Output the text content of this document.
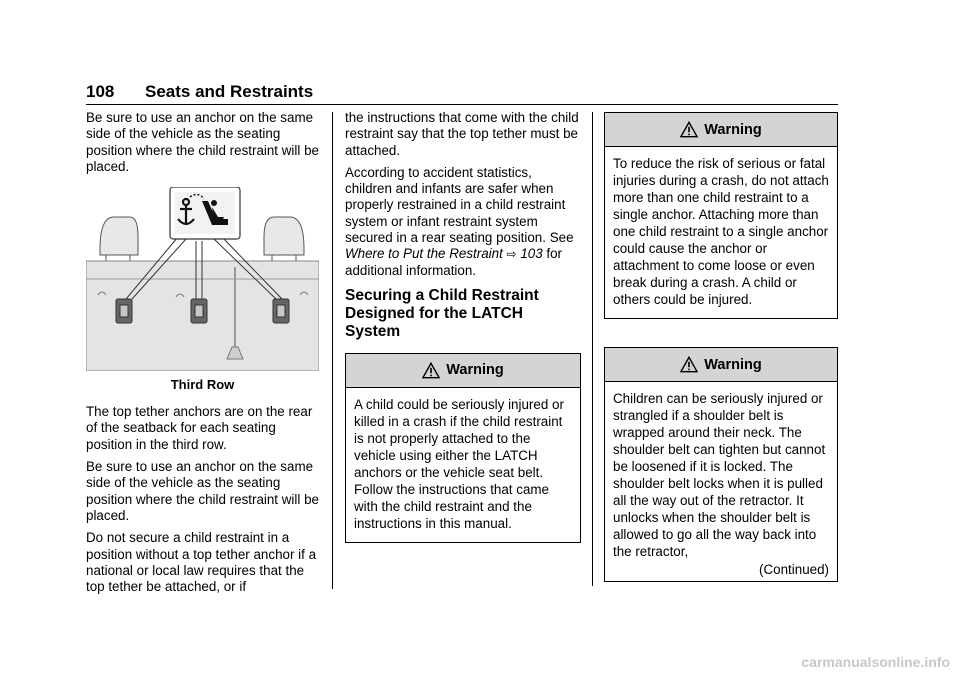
108 Seats and Restraints

Be sure to use an anchor on the same side of the vehicle as the seating position where the child restraint will be placed.

Third Row

The top tether anchors are on the rear of the seatback for each seating position in the third row.

Be sure to use an anchor on the same side of the vehicle as the seating position where the child restraint will be placed.

Do not secure a child restraint in a position without a top tether anchor if a national or local law requires that the top tether be attached, or if

the instructions that come with the child restraint say that the top tether must be attached.

According to accident statistics, children and infants are safer when properly restrained in a child restraint system or infant restraint system secured in a rear seating position. See Where to Put the Restraint ⇨ 103 for additional information.

Securing a Child Restraint Designed for the LATCH System
Warning

A child could be seriously injured or killed in a crash if the child restraint is not properly attached to the vehicle using either the LATCH anchors or the vehicle seat belt. Follow the instructions that came with the child restraint and the instructions in this manual.

Warning

To reduce the risk of serious or fatal injuries during a crash, do not attach more than one child restraint to a single anchor. Attaching more than one child restraint to a single anchor could cause the anchor or attachment to come loose or even break during a crash. A child or others could be injured.

Warning

Children can be seriously injured or strangled if a shoulder belt is wrapped around their neck. The shoulder belt can tighten but cannot be loosened if it is locked. The shoulder belt locks when it is pulled all the way out of the retractor. It unlocks when the shoulder belt is allowed to go all the way back into the retractor,

(Continued)
carmanualsonline.info
